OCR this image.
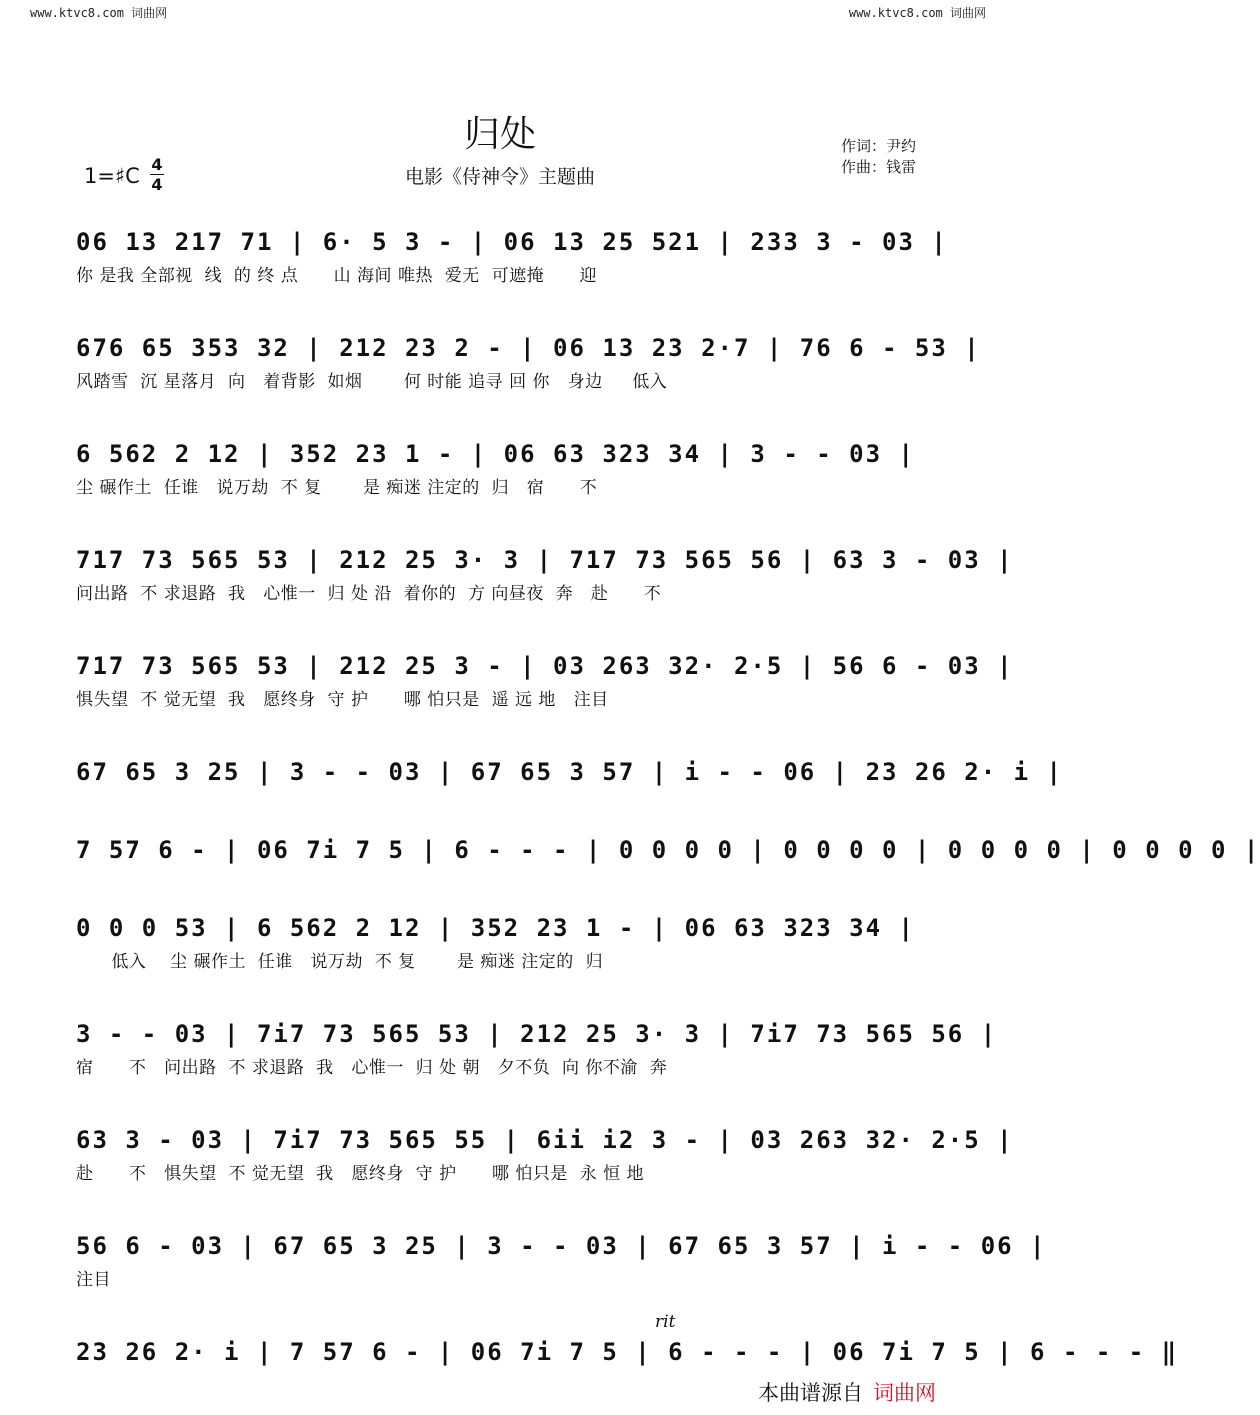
www.ktvc8.com 词曲网	www.ktvc8.com 词曲网
归处
电影《侍神令》主题曲
作词：尹约
作曲：钱雷
1=♯C 4
4
06 13 217 71 | 6· 5 3 - | 06 13 25 521 | 233 3 - 03 |
你 是我 全部视  线  的 终 点      山 海间 唯热  爱无  可遮掩      迎
676 65 353 32 | 212 23 2 - | 06 13 23 2·7 | 76 6 - 53 |
风踏雪  沉 星落月  向   着背影  如烟       何 时能 追寻 回 你   身边     低入
6 562 2 12 | 352 23 1 - | 06 63 323 34 | 3 - - 03 |
尘 碾作土  任谁   说万劫  不 复       是 痴迷 注定的  归   宿      不
717 73 565 53 | 212 25 3· 3 | 717 73 565 56 | 63 3 - 03 |
问出路  不 求退路  我   心惟一  归 处 沿  着你的  方 向昼夜  奔   赴      不
717 73 565 53 | 212 25 3 - | 03 263 32· 2·5 | 56 6 - 03 |
惧失望  不 觉无望  我   愿终身  守 护      哪 怕只是  遥 远 地   注目
67 65 3 25 | 3 - - 03 | 67 65 3 57 | i - - 06 | 23 26 2· i |
7 57 6 - | 06 7i 7 5 | 6 - - - | 0 0 0 0 | 0 0 0 0 | 0 0 0 0 | 0 0 0 0 |
0 0 0 53 | 6 562 2 12 | 352 23 1 - | 06 63 323 34 |
低入    尘 碾作土  任谁   说万劫  不 复       是 痴迷 注定的  归
3 - - 03 | 7i7 73 565 53 | 212 25 3· 3 | 7i7 73 565 56 |
宿      不   问出路  不 求退路  我   心惟一  归 处 朝   夕不负  向 你不渝  奔
63 3 - 03 | 7i7 73 565 55 | 6ii i2 3 - | 03 263 32· 2·5 |
赴      不   惧失望  不 觉无望  我   愿终身  守 护      哪 怕只是  永 恒 地
56 6 - 03 | 67 65 3 25 | 3 - - 03 | 67 65 3 57 | i - - 06 |
注目
23 26 2· i | 7 57 6 - | 06 7i 7 5 | 6 - - - | 06 7i 7 5 | 6 - - - ‖
rit
本曲谱源自 词曲网
